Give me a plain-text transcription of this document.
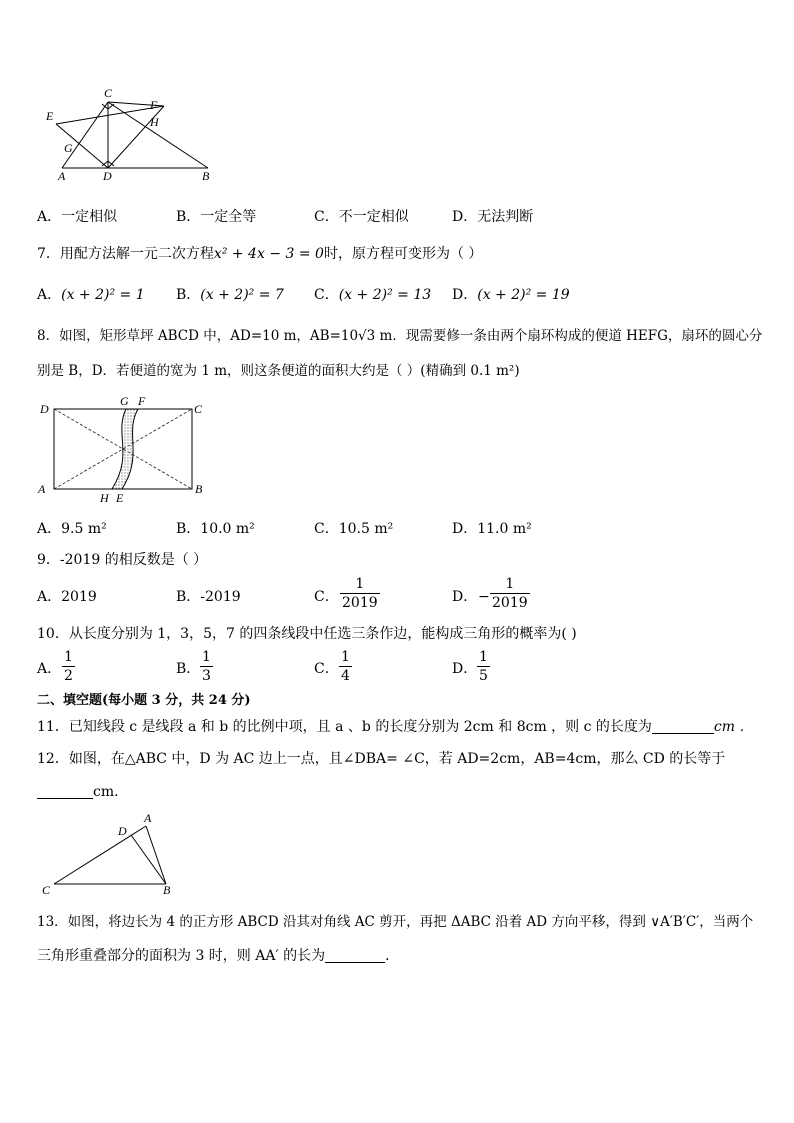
C
E
F
H
G
A	D	B
A．一定相似	B．一定全等	C．不一定相似	D．无法判断
7．用配方法解一元二次方程x² + 4x − 3 = 0时，原方程可变形为（ ）
A．(x + 2)² = 1 B．(x + 2)² = 7 C．(x + 2)² = 13 D．(x + 2)² = 19
8．如图，矩形草坪 ABCD 中，AD=10 m，AB=10√3 m．现需要修一条由两个扇环构成的便道 HEFG，扇环的圆心分
别是 B，D．若便道的宽为 1 m，则这条便道的面积大约是（ ）(精确到 0.1 m²)
D
G F
C
A
H E
B
A．9.5 m²	B．10.0 m²	C．10.5 m²	D．11.0 m²
9．-2019 的相反数是（ ）
A．2019	B．-2019	C．
1
2019	D． −
1
2019
10．从长度分别为 1，3，5，7 的四条线段中任选三条作边，能构成三角形的概率为( )
A．
1
2	B．
1
3	C．
1
4	D．
1
5
二、填空题(每小题 3 分，共 24 分)
11．已知线段 c 是线段 a 和 b 的比例中项，且 a 、b 的长度分别为 2cm 和 8cm ，则 c 的长度为	cm ．
12．如图，在△ABC 中，D 为 AC 边上一点，且∠DBA= ∠C，若 AD=2cm，AB=4cm，那么 CD 的长等于
cm.
D
A
C	B
13．如图，将边长为 4 的正方形 ABCD 沿其对角线 AC 剪开，再把 ΔABC 沿着 AD 方向平移，得到 ∨A′B′C′，当两个
三角形重叠部分的面积为 3 时，则 AA′ 的长为	．
